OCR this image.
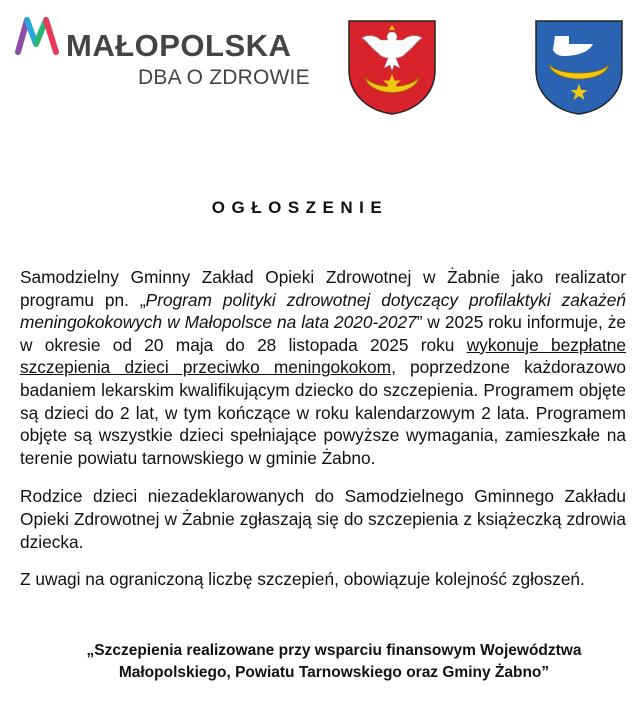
MAŁOPOLSKA
DBA O ZDROWIE
OGŁOSZENIE

Samodzielny Gminny Zakład Opieki Zdrowotnej w Żabnie jako realizator programu pn. „Program polityki zdrowotnej dotyczący profilaktyki zakażeń meningokokowych w Małopolsce na lata 2020-2027” w 2025 roku informuje, że w okresie od 20 maja do 28 listopada 2025 roku wykonuje bezpłatne szczepienia dzieci przeciwko meningokokom, poprzedzone każdorazowo badaniem lekarskim kwalifikującym dziecko do szczepienia. Programem objęte są dzieci do 2 lat, w tym kończące w roku kalendarzowym 2 lata. Programem objęte są wszystkie dzieci spełniające powyższe wymagania, zamieszkałe na terenie powiatu tarnowskiego w gminie Żabno.

Rodzice dzieci niezadeklarowanych do Samodzielnego Gminnego Zakładu Opieki Zdrowotnej w Żabnie zgłaszają się do szczepienia z książeczką zdrowia dziecka.

Z uwagi na ograniczoną liczbę szczepień, obowiązuje kolejność zgłoszeń.

„Szczepienia realizowane przy wsparciu finansowym Województwa
Małopolskiego, Powiatu Tarnowskiego oraz Gminy Żabno”
